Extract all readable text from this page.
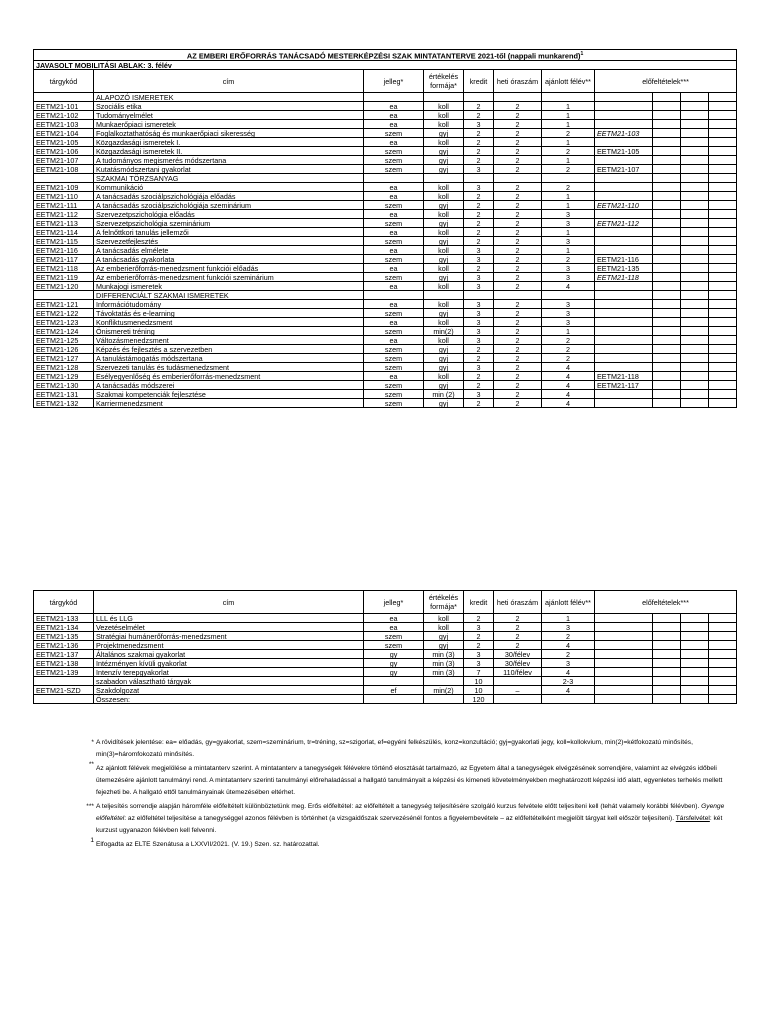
AZ EMBERI ERŐFORRÁS TANÁCSADÓ MESTERKÉPZÉSI SZAK MINTATANTERVE 2021-től (nappali munkarend)$^1$
JAVASOLT MOBILITÁSI ABLAK: 3. félév										
tárgykód	cím	jelleg*	értékelés formája*	kredit	heti óraszám	ajánlott félév**	előfeltételek***			
	ALAPOZÓ ISMERETEK									
EETM21-101	Szociális etika	ea	koll	2	2	1				
EETM21-102	Tudományelmélet	ea	koll	2	2	1				
EETM21-103	Munkaerőpiaci ismeretek	ea	koll	3	2	1				
EETM21-104	Foglalkoztathatóság és munkaerőpiaci sikeresség	szem	gyj	2	2	2	EETM21-103			
EETM21-105	Közgazdasági ismeretek I.	ea	koll	2	2	1				
EETM21-106	Közgazdasági ismeretek II.	szem	gyj	2	2	2	EETM21-105			
EETM21-107	A tudományos megismerés módszertana	szem	gyj	2	2	1				
EETM21-108	Kutatásmódszertani gyakorlat	szem	gyj	3	2	2	EETM21-107			
	SZAKMAI TÖRZSANYAG									
EETM21-109	Kommunikáció	ea	koll	3	2	2				
EETM21-110	A tanácsadás szociálpszichológiája előadás	ea	koll	2	2	1				
EETM21-111	A tanácsadás szociálpszichológiája szeminárium	szem	gyj	2	2	1	EETM21-110			
EETM21-112	Szervezetpszichológia előadás	ea	koll	2	2	3				
EETM21-113	Szervezetpszichológia szeminárium	szem	gyj	2	2	3	EETM21-112			
EETM21-114	A felnőttkori tanulás jellemzői	ea	koll	2	2	1				
EETM21-115	Szervezetfejlesztés	szem	gyj	2	2	3				
EETM21-116	A tanácsadás elmélete	ea	koll	3	2	1				
EETM21-117	A tanácsadás gyakorlata	szem	gyj	3	2	2	EETM21-116			
EETM21-118	Az emberierőforrás-menedzsment funkciói előadás	ea	koll	2	2	3	EETM21-135			
EETM21-119	Az emberierőforrás-menedzsment funkciói szeminárium	szem	gyj	3	2	3	EETM21-118			
EETM21-120	Munkajogi ismeretek	ea	koll	3	2	4				
	DIFFERENCIÁLT SZAKMAI ISMERETEK									
EETM21-121	Információtudomány	ea	koll	3	2	3				
EETM21-122	Távoktatás és e-learning	szem	gyj	3	2	3				
EETM21-123	Konfliktusmenedzsment	ea	koll	3	2	3				
EETM21-124	Önismereti tréning	szem	min(2)	3	2	1				
EETM21-125	Változásmenedzsment	ea	koll	3	2	2				
EETM21-126	Képzés és fejlesztés a szervezetben	szem	gyj	2	2	2				
EETM21-127	A tanulástámogatás módszertana	szem	gyj	2	2	2				
EETM21-128	Szervezeti tanulás és tudásmenedzsment	szem	gyj	3	2	4				
EETM21-129	Esélyegyenlőség és emberierőforrás-menedzsment	ea	koll	2	2	4	EETM21-118			
EETM21-130	A tanácsadás módszerei	szem	gyj	2	2	4	EETM21-117			
EETM21-131	Szakmai kompetenciák fejlesztése	szem	min (2)	3	2	4				
EETM21-132	Karriermenedzsment	szem	gyj	2	2	4				
tárgykód	cím	jelleg*	értékelés formája*	kredit	heti óraszám	ajánlott félév**	előfeltételek***			
EETM21-133	LLL és LLG	ea	koll	2	2	1				
EETM21-134	Vezetéselmélet	ea	koll	3	2	3				
EETM21-135	Stratégiai humánerőforrás-menedzsment	szem	gyj	2	2	2				
EETM21-136	Projektmenedzsment	szem	gyj	2	2	4				
EETM21-137	Általános szakmai gyakorlat	gy	min (3)	3	30/félev	2				
EETM21-138	Intézményen kívüli gyakorlat	gy	min (3)	3	30/félev	3				
EETM21-139	Intenzív terepgyakorlat	gy	min (3)	7	110/félev	4				
	szabadon választható tárgyak			10		2-3				
EETM21-SZD	Szakdolgozat	ef	min(2)	10	–	4				
	Összesen:			120						
* A rövidítések jelentése: ea= előadás, gy=gyakorlat, szem=szeminárium, tr=tréning, sz=szigorlat, ef=egyéni felkészülés, konz=konzultáció; gyj=gyakorlati jegy, koll=kollokvium, min(2)=kétfokozatú minősítés, min(3)=háromfokozatú minősítés.
**
Az ajánlott félévek megjelölése a mintatanterv szerint. A mintatanterv a tanegységek félévekre történő elosztását tartalmazó, az Egyetem által a tanegységek elvégzésének sorrendjére, valamint az elvégzés időbeli ütemezésére ajánlott tanulmányi rend. A mintatanterv szerinti tanulmányi előrehaladással a hallgató tanulmányait a képzési és kimeneti követelményekben meghatározott képzési idő alatt, egyenletes terhelés mellett fejezheti be. A hallgató ettől tanulmányainak ütemezésében eltérhet.
*** A teljesítés sorrendje alapján háromféle előfeltételt különböztetünk meg. Erős előfeltétel: az előfeltételt a tanegység teljesítésére szolgáló kurzus felvétele előtt teljesíteni kell (tehát valamely korábbi félévben). Gyenge előfeltétel: az előfeltétel teljesítése a tanegységgel azonos félévben is történhet (a vizsgaidőszak szervezésénél fontos a figyelembevétele – az előfeltételként megjelölt tárgyat kell először teljesíteni). Társfelvétel: két kurzust ugyanazon félévben kell felvenni.
1
Elfogadta az ELTE Szenátusa a LXXVII/2021. (V. 19.) Szen. sz. határozattal.
